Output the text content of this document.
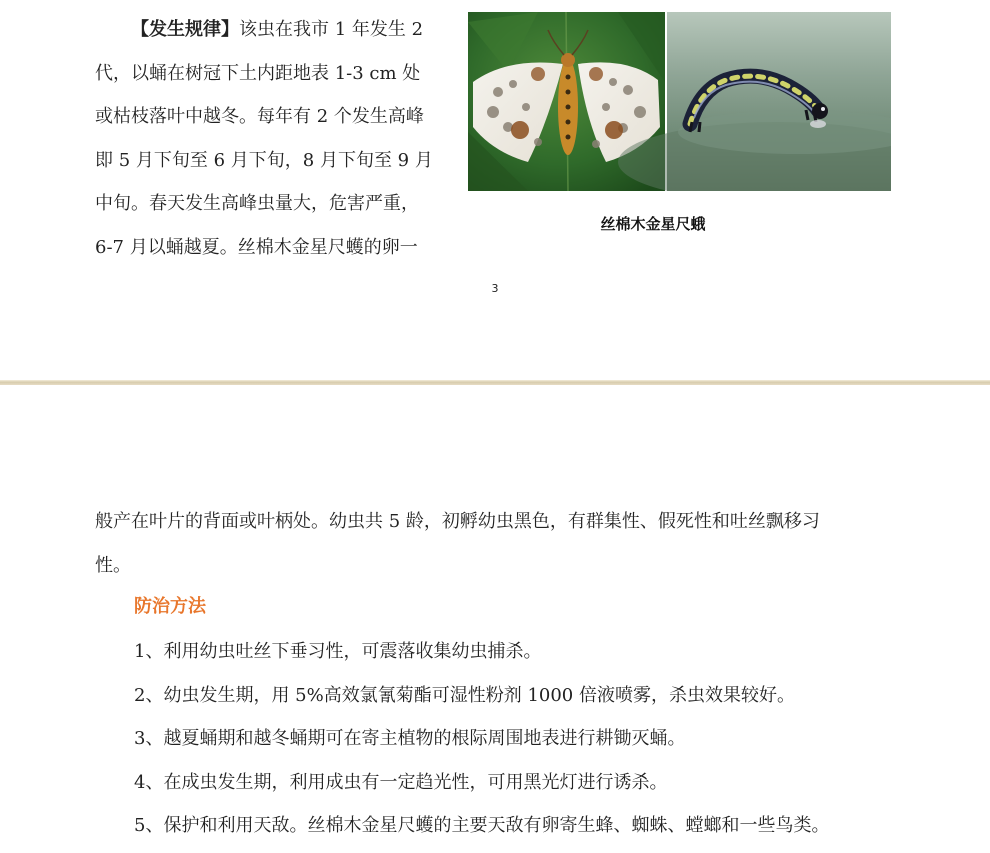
【发生规律】该虫在我市 1 年发生 2
代，以蛹在树冠下土内距地表 1-3 cm 处
或枯枝落叶中越冬。每年有 2 个发生高峰
即 5 月下旬至 6 月下旬，8 月下旬至 9 月
中旬。春天发生高峰虫量大，危害严重，
6-7 月以蛹越夏。丝棉木金星尺蠖的卵一

丝棉木金星尺蛾
3

般产在叶片的背面或叶柄处。幼虫共 5 龄，初孵幼虫黑色，有群集性、假死性和吐丝飘移习
性。

防治方法
1、利用幼虫吐丝下垂习性，可震落收集幼虫捕杀。
2、幼虫发生期，用 5%高效氯氰菊酯可湿性粉剂 1000 倍液喷雾，杀虫效果较好。
3、越夏蛹期和越冬蛹期可在寄主植物的根际周围地表进行耕锄灭蛹。
4、在成虫发生期，利用成虫有一定趋光性，可用黑光灯进行诱杀。
5、保护和利用天敌。丝棉木金星尺蠖的主要天敌有卵寄生蜂、蜘蛛、螳螂和一些鸟类。
